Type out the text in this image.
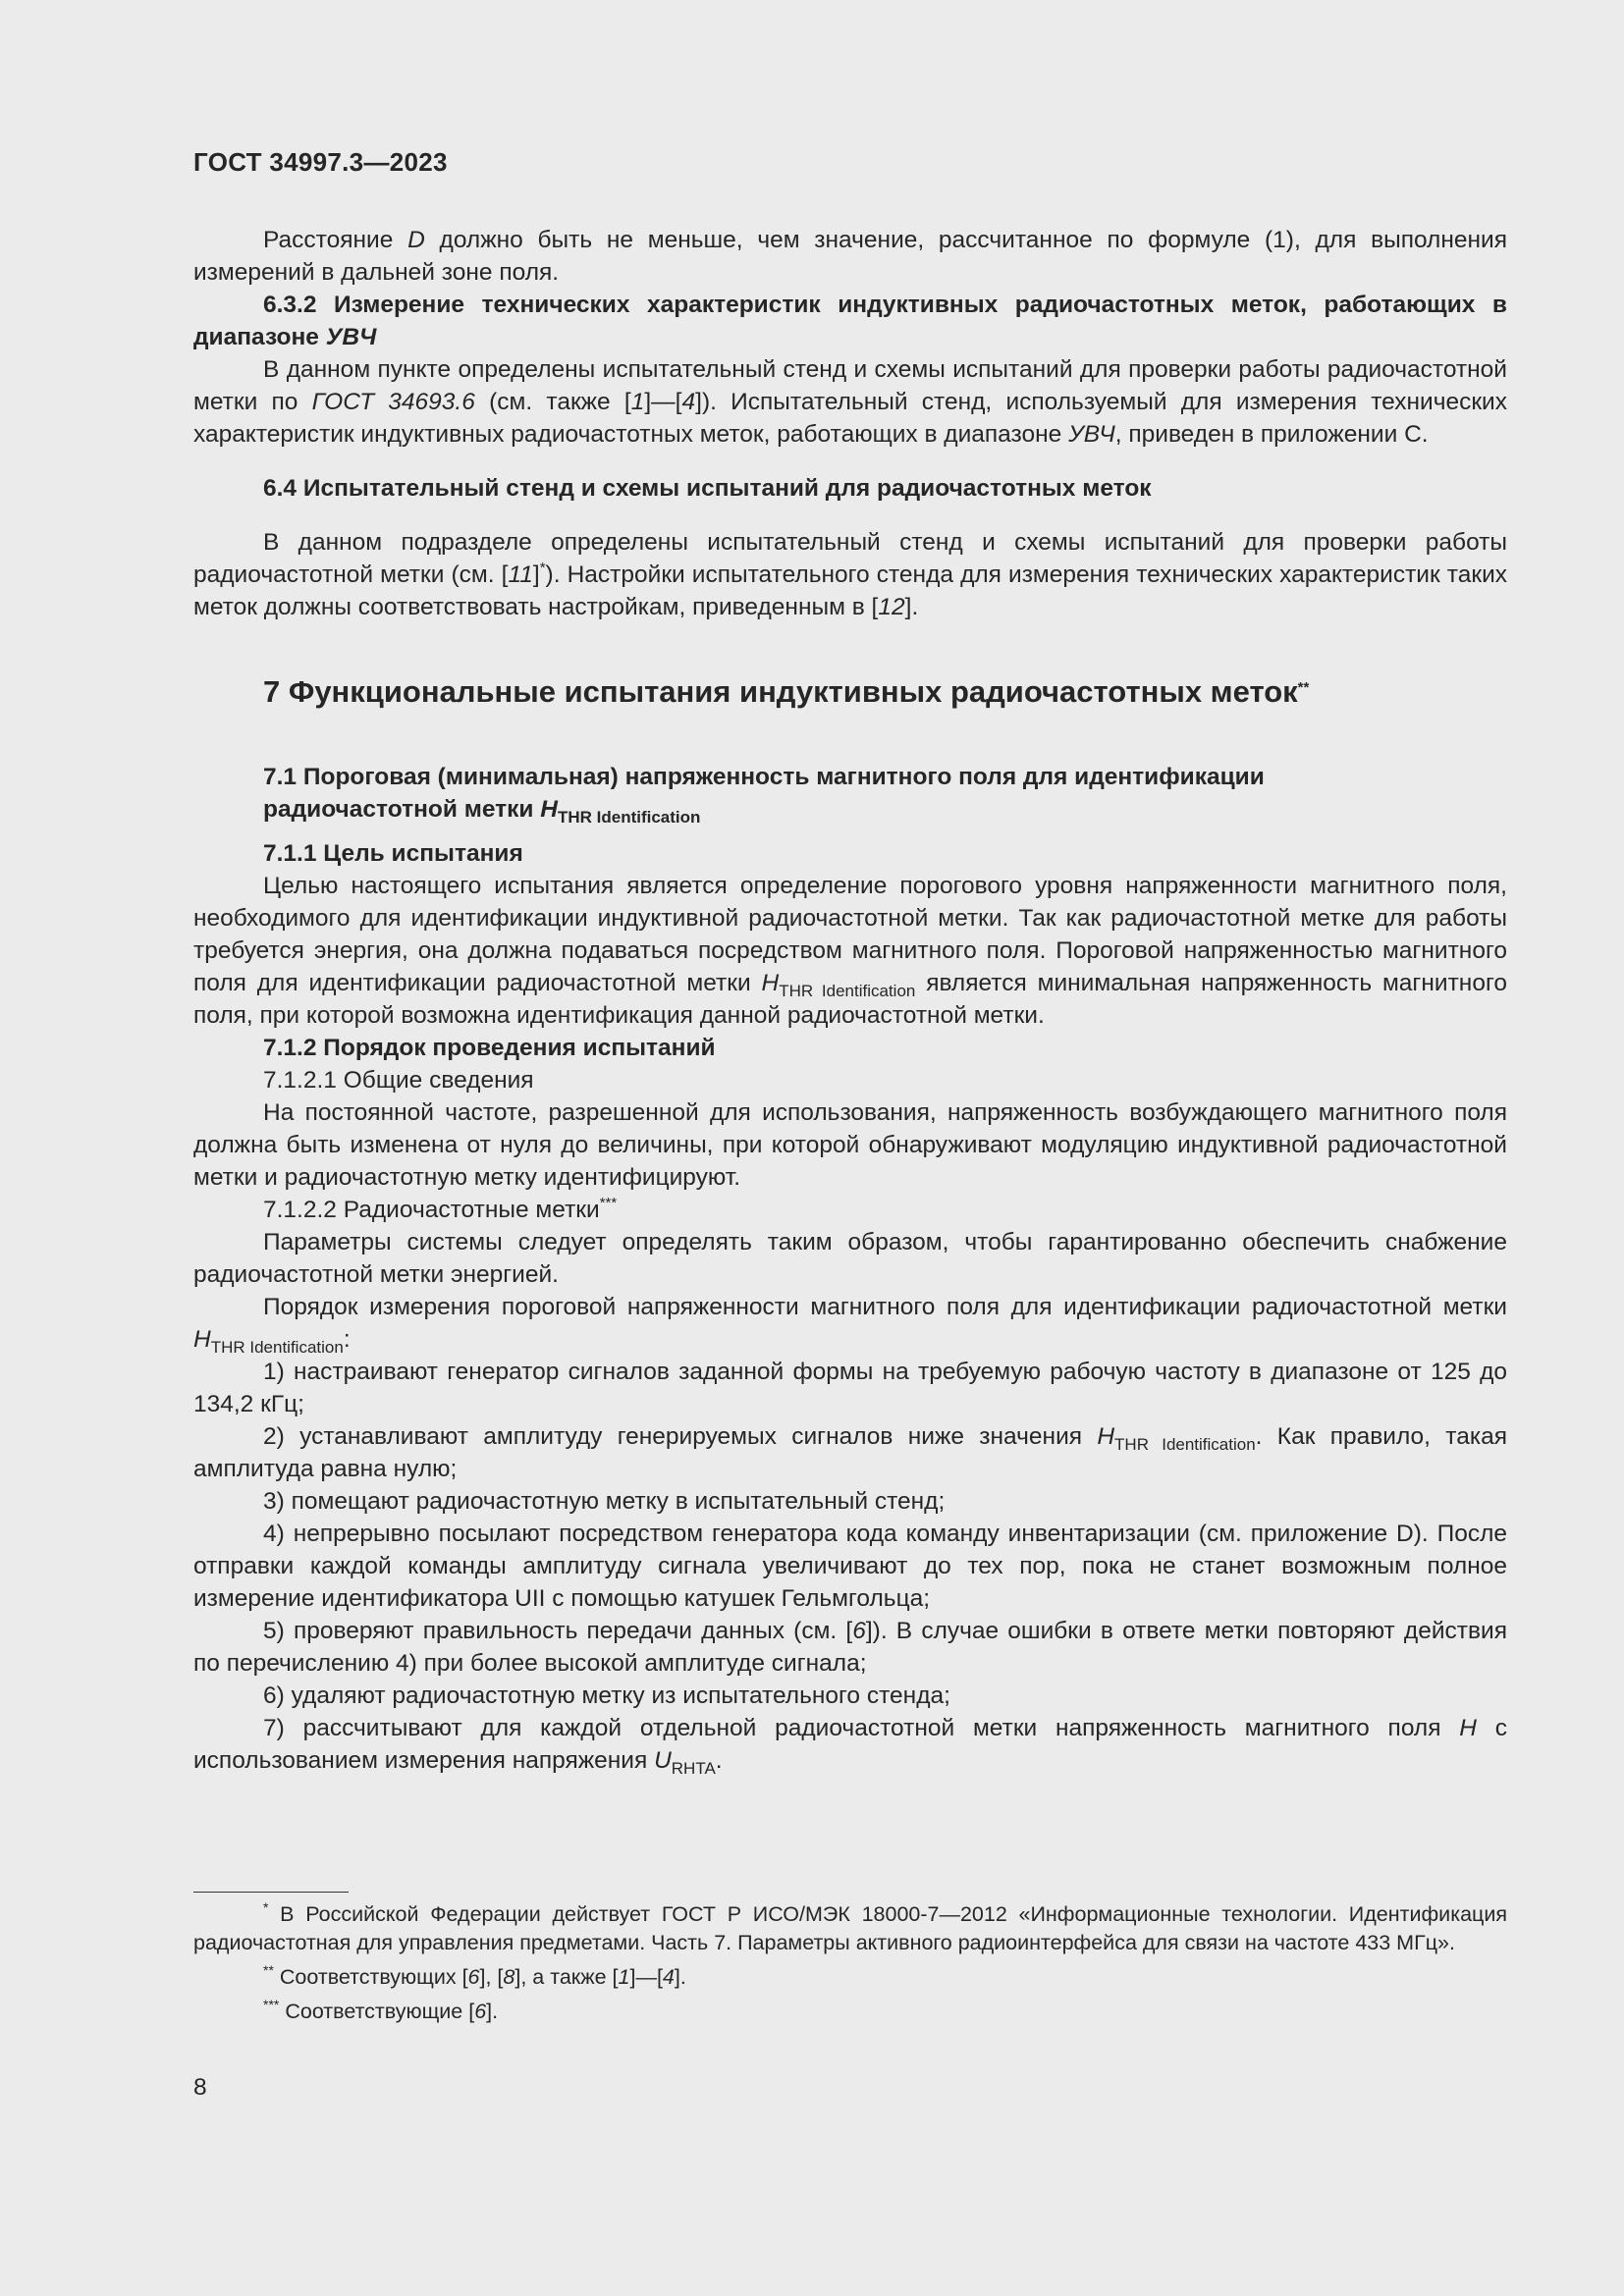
ГОСТ 34997.3—2023

Расстояние D должно быть не меньше, чем значение, рассчитанное по формуле (1), для выполнения измерений в дальней зоне поля.

6.3.2 Измерение технических характеристик индуктивных радиочастотных меток, работающих в диапазоне УВЧ

В данном пункте определены испытательный стенд и схемы испытаний для проверки работы радиочастотной метки по ГОСТ 34693.6 (см. также [1]—[4]). Испытательный стенд, используемый для измерения технических характеристик индуктивных радиочастотных меток, работающих в диапазоне УВЧ, приведен в приложении С.

6.4 Испытательный стенд и схемы испытаний для радиочастотных меток

В данном подразделе определены испытательный стенд и схемы испытаний для проверки работы радиочастотной метки (см. [11]*). Настройки испытательного стенда для измерения технических характеристик таких меток должны соответствовать настройкам, приведенным в [12].

7 Функциональные испытания индуктивных радиочастотных меток**

7.1 Пороговая (минимальная) напряженность магнитного поля для идентификации
радиочастотной метки $H_{THR Identification}$

7.1.1 Цель испытания

Целью настоящего испытания является определение порогового уровня напряженности магнитного поля, необходимого для идентификации индуктивной радиочастотной метки. Так как радиочастотной метке для работы требуется энергия, она должна подаваться посредством магнитного поля. Пороговой напряженностью магнитного поля для идентификации радиочастотной метки $H_{THR Identification}$ является минимальная напряженность магнитного поля, при которой возможна идентификация данной радиочастотной метки.

7.1.2 Порядок проведения испытаний

7.1.2.1 Общие сведения

На постоянной частоте, разрешенной для использования, напряженность возбуждающего магнитного поля должна быть изменена от нуля до величины, при которой обнаруживают модуляцию индуктивной радиочастотной метки и радиочастотную метку идентифицируют.

7.1.2.2 Радиочастотные метки***

Параметры системы следует определять таким образом, чтобы гарантированно обеспечить снабжение радиочастотной метки энергией.

Порядок измерения пороговой напряженности магнитного поля для идентификации радиочастотной метки $H_{THR Identification}$:

1) настраивают генератор сигналов заданной формы на требуемую рабочую частоту в диапазоне от 125 до 134,2 кГц;

2) устанавливают амплитуду генерируемых сигналов ниже значения $H_{THR Identification}$. Как правило, такая амплитуда равна нулю;

3) помещают радиочастотную метку в испытательный стенд;

4) непрерывно посылают посредством генератора кода команду инвентаризации (см. приложение D). После отправки каждой команды амплитуду сигнала увеличивают до тех пор, пока не станет возможным полное измерение идентификатора UII с помощью катушек Гельмгольца;

5) проверяют правильность передачи данных (см. [6]). В случае ошибки в ответе метки повторяют действия по перечислению 4) при более высокой амплитуде сигнала;

6) удаляют радиочастотную метку из испытательного стенда;

7) рассчитывают для каждой отдельной радиочастотной метки напряженность магнитного поля H с использованием измерения напряжения $U_{RHTA}$.

* В Российской Федерации действует ГОСТ Р ИСО/МЭК 18000-7—2012 «Информационные технологии. Идентификация радиочастотная для управления предметами. Часть 7. Параметры активного радиоинтерфейса для связи на частоте 433 МГц».

** Соответствующих [6], [8], а также [1]—[4].

*** Соответствующие [6].

8
